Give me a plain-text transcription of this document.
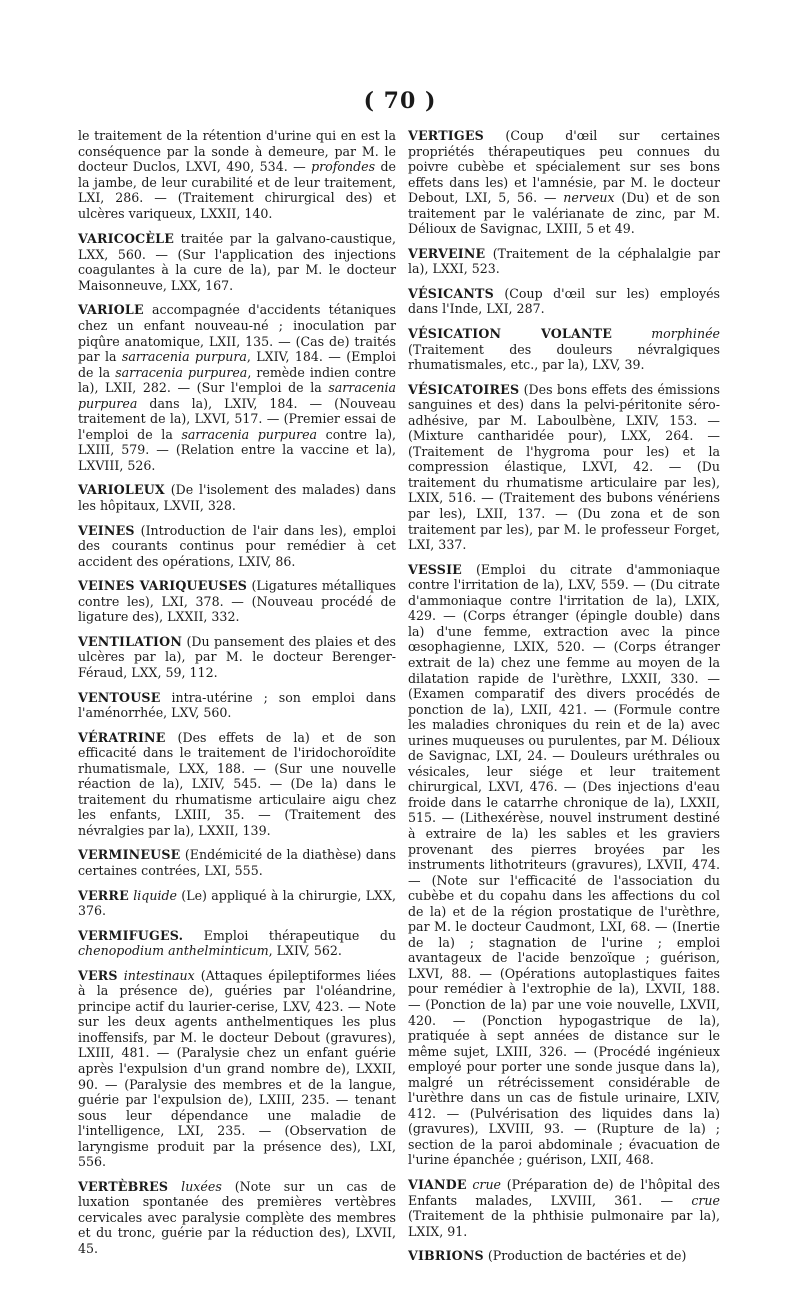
( 70 )

le traitement de la rétention d'urine qui en est la conséquence par la sonde à demeure, par M. le docteur Duclos, LXVI, 490, 534. — profondes de la jambe, de leur curabilité et de leur traitement, LXI, 286. — (Traitement chirurgical des) et ulcères variqueux, LXXII, 140.

VARICOCÈLE traitée par la galvano-caustique, LXX, 560. — (Sur l'application des injections coagulantes à la cure de la), par M. le docteur Maisonneuve, LXX, 167.

VARIOLE accompagnée d'accidents tétaniques chez un enfant nouveau-né ; inoculation par piqûre anatomique, LXII, 135. — (Cas de) traités par la sarracenia purpura, LXIV, 184. — (Emploi de la sarracenia purpurea, remède indien contre la), LXII, 282. — (Sur l'emploi de la sarracenia purpurea dans la), LXIV, 184. — (Nouveau traitement de la), LXVI, 517. — (Premier essai de l'emploi de la sarracenia purpurea contre la), LXIII, 579. — (Relation entre la vaccine et la), LXVIII, 526.

VARIOLEUX (De l'isolement des malades) dans les hôpitaux, LXVII, 328.

VEINES (Introduction de l'air dans les), emploi des courants continus pour remédier à cet accident des opérations, LXIV, 86.

VEINES VARIQUEUSES (Ligatures métalliques contre les), LXI, 378. — (Nouveau procédé de ligature des), LXXII, 332.

VENTILATION (Du pansement des plaies et des ulcères par la), par M. le docteur Berenger-Féraud, LXX, 59, 112.

VENTOUSE intra-utérine ; son emploi dans l'aménorrhée, LXV, 560.

VÉRATRINE (Des effets de la) et de son efficacité dans le traitement de l'iridochoroïdite rhumatismale, LXX, 188. — (Sur une nouvelle réaction de la), LXIV, 545. — (De la) dans le traitement du rhumatisme articulaire aigu chez les enfants, LXIII, 35. — (Traitement des névralgies par la), LXXII, 139.

VERMINEUSE (Endémicité de la diathèse) dans certaines contrées, LXI, 555.

VERRE liquide (Le) appliqué à la chirurgie, LXX, 376.

VERMIFUGES. Emploi thérapeutique du chenopodium anthelminticum, LXIV, 562.

VERS intestinaux (Attaques épileptiformes liées à la présence de), guéries par l'oléandrine, principe actif du laurier-cerise, LXV, 423. — Note sur les deux agents anthelmentiques les plus inoffensifs, par M. le docteur Debout (gravures), LXIII, 481. — (Paralysie chez un enfant guérie après l'expulsion d'un grand nombre de), LXXII, 90. — (Paralysie des membres et de la langue, guérie par l'expulsion de), LXIII, 235. — tenant sous leur dépendance une maladie de l'intelligence, LXI, 235. — (Observation de laryngisme produit par la présence des), LXI, 556.

VERTÈBRES luxées (Note sur un cas de luxation spontanée des premières vertèbres cervicales avec paralysie complète des membres et du tronc, guérie par la réduction des), LXVII, 45.

VERTIGES (Coup d'œil sur certaines propriétés thérapeutiques peu connues du poivre cubèbe et spécialement sur ses bons effets dans les) et l'amnésie, par M. le docteur Debout, LXI, 5, 56. — nerveux (Du) et de son traitement par le valérianate de zinc, par M. Délioux de Savignac, LXIII, 5 et 49.

VERVEINE (Traitement de la céphalalgie par la), LXXI, 523.

VÉSICANTS (Coup d'œil sur les) employés dans l'Inde, LXI, 287.

VÉSICATION VOLANTE	morphinée (Traitement des douleurs névralgiques rhumatismales, etc., par la), LXV, 39.

VÉSICATOIRES (Des bons effets des émissions sanguines et des) dans la pelvi-péritonite séro-adhésive, par M. Laboulbène, LXIV, 153. — (Mixture cantharidée pour), LXX, 264. — (Traitement de l'hygroma pour les) et la compression élastique, LXVI, 42. — (Du traitement du rhumatisme articulaire par les), LXIX, 516. — (Traitement des bubons vénériens par les), LXII, 137. — (Du zona et de son traitement par les), par M. le professeur Forget, LXI, 337.

VESSIE (Emploi du citrate d'ammoniaque contre l'irritation de la), LXV, 559. — (Du citrate d'ammoniaque contre l'irritation de la), LXIX, 429. — (Corps étranger (épingle double) dans la) d'une femme, extraction avec la pince œsophagienne, LXIX, 520. — (Corps étranger extrait de la) chez une femme au moyen de la dilatation rapide de l'urèthre, LXXII, 330. — (Examen comparatif des divers procédés de ponction de la), LXII, 421. — (Formule contre les maladies chroniques du rein et de la) avec urines muqueuses ou purulentes, par M. Délioux de Savignac, LXI, 24. — Douleurs uréthrales ou vésicales, leur siége et leur traitement chirurgical, LXVI, 476. — (Des injections d'eau froide dans le catarrhe chronique de la), LXXII, 515. — (Lithexérèse, nouvel instrument destiné à extraire de la) les sables et les graviers provenant des pierres broyées par les instruments lithotriteurs (gravures), LXVII, 474. — (Note sur l'efficacité de l'association du cubèbe et du copahu dans les affections du col de la) et de la région prostatique de l'urèthre, par M. le docteur Caudmont, LXI, 68. — (Inertie de la) ; stagnation de l'urine ; emploi avantageux de l'acide benzoïque ; guérison, LXVI, 88. — (Opérations autoplastiques faites pour remédier à l'extrophie de la), LXVII, 188. — (Ponction de la) par une voie nouvelle, LXVII, 420. — (Ponction hypogastrique de la), pratiquée à sept années de distance sur le même sujet, LXIII, 326. — (Procédé ingénieux employé pour porter une sonde jusque dans la), malgré un rétrécissement considérable de l'urèthre dans un cas de fistule urinaire, LXIV, 412. — (Pulvérisation des liquides dans la) (gravures), LXVIII, 93. — (Rupture de la) ; section de la paroi abdominale ; évacuation de l'urine épanchée ; guérison, LXII, 468.

VIANDE crue (Préparation de) de l'hôpital des Enfants malades, LXVIII, 361. — crue (Traitement de la phthisie pulmonaire par la), LXIX, 91.

VIBRIONS (Production de bactéries et de)
